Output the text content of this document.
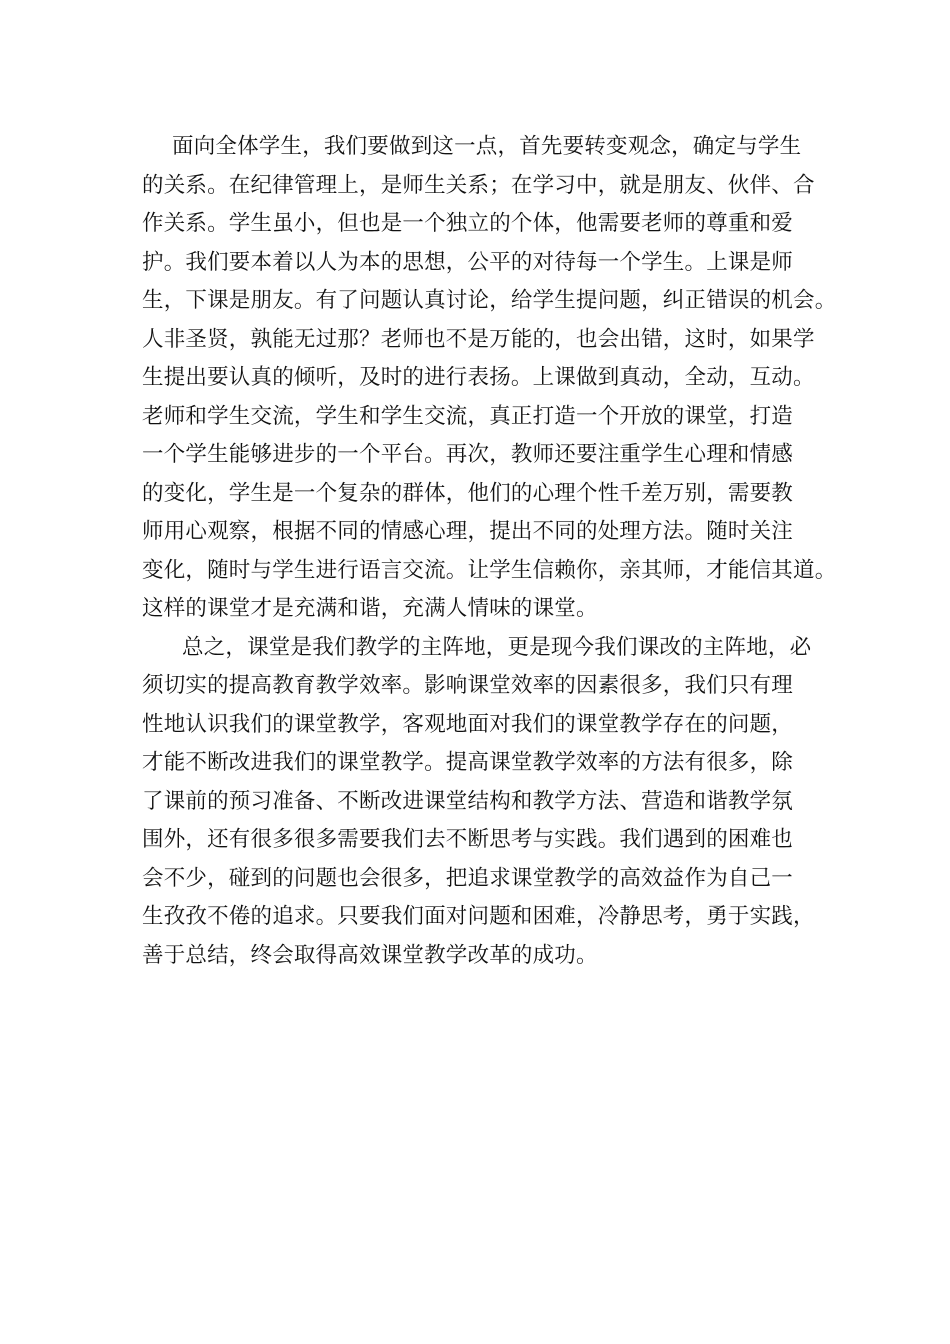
面向全体学生，我们要做到这一点，首先要转变观念，确定与学生
的关系。在纪律管理上，是师生关系；在学习中，就是朋友、伙伴、合
作关系。学生虽小，但也是一个独立的个体，他需要老师的尊重和爱
护。我们要本着以人为本的思想，公平的对待每一个学生。上课是师
生，下课是朋友。有了问题认真讨论，给学生提问题，纠正错误的机会。
人非圣贤，孰能无过那？老师也不是万能的，也会出错，这时，如果学
生提出要认真的倾听，及时的进行表扬。上课做到真动，全动，互动。
老师和学生交流，学生和学生交流，真正打造一个开放的课堂，打造
一个学生能够进步的一个平台。再次，教师还要注重学生心理和情感
的变化，学生是一个复杂的群体，他们的心理个性千差万别，需要教
师用心观察，根据不同的情感心理，提出不同的处理方法。随时关注
变化，随时与学生进行语言交流。让学生信赖你，亲其师，才能信其道。
这样的课堂才是充满和谐，充满人情味的课堂。
总之，课堂是我们教学的主阵地，更是现今我们课改的主阵地，必
须切实的提高教育教学效率。影响课堂效率的因素很多，我们只有理
性地认识我们的课堂教学，客观地面对我们的课堂教学存在的问题，
才能不断改进我们的课堂教学。提高课堂教学效率的方法有很多，除
了课前的预习准备、不断改进课堂结构和教学方法、营造和谐教学氛
围外，还有很多很多需要我们去不断思考与实践。我们遇到的困难也
会不少，碰到的问题也会很多，把追求课堂教学的高效益作为自己一
生孜孜不倦的追求。只要我们面对问题和困难，冷静思考，勇于实践，
善于总结，终会取得高效课堂教学改革的成功。
